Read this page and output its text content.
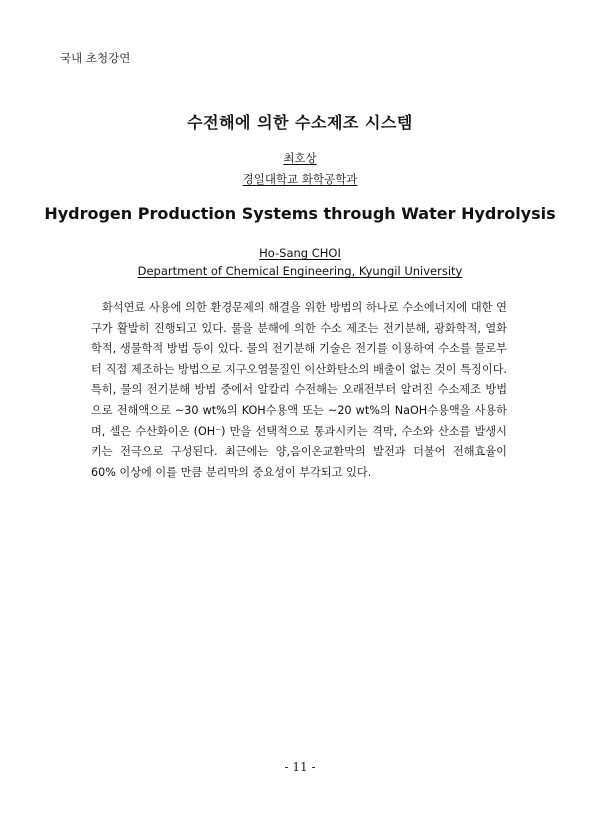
국내 초청강연
수전해에 의한 수소제조 시스템
최호상
경일대학교 화학공학과
Hydrogen Production Systems through Water Hydrolysis
Ho-Sang CHOI
Department of Chemical Engineering, Kyungil University

화석연료 사용에 의한 환경문제의 해결을 위한 방법의 하나로 수소에너지에 대한 연구가 활발히 진행되고 있다. 물을 분해에 의한 수소 제조는 전기분해, 광화학적, 열화학적, 생물학적 방법 등이 있다. 물의 전기분해 기술은 전기를 이용하여 수소를 물로부터 직접 제조하는 방법으로 지구오염물질인 이산화탄소의 배출이 없는 것이 특징이다. 특히, 물의 전기분해 방법 중에서 알칼리 수전해는 오래전부터 알려진 수소제조 방법으로 전해액으로 ~30 wt%의 KOH수용액 또는 ~20 wt%의 NaOH수용액을 사용하며, 셀은 수산화이온 (OH⁻) 만을 선택적으로 통과시키는 격막, 수소와 산소를 발생시키는 전극으로 구성된다. 최근에는 양,음이온교환막의 발전과 더불어 전해효율이 60% 이상에 이를 만큼 분리막의 중요성이 부각되고 있다.

- 11 -
